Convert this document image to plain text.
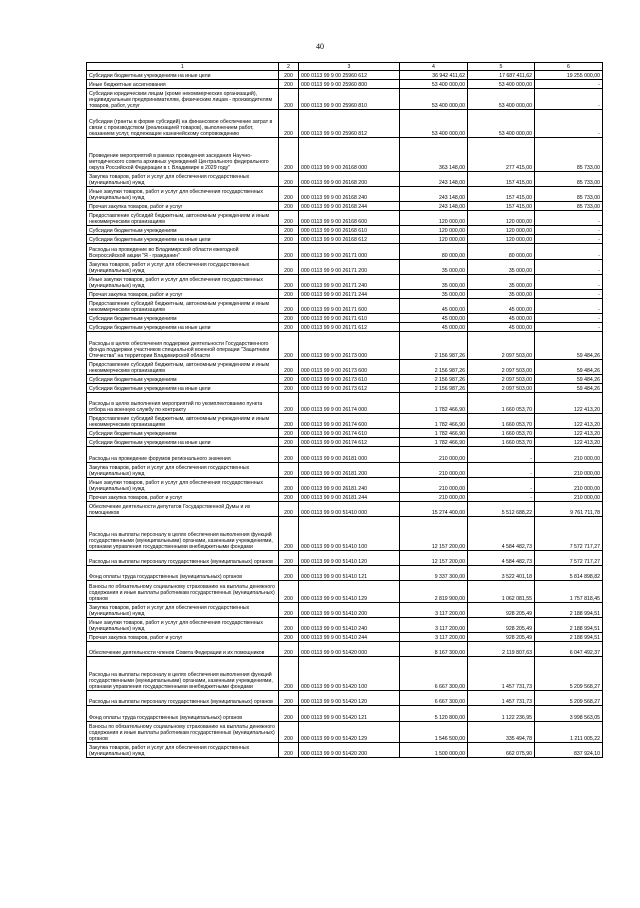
40
1	2	3	4	5	6
Субсидии бюджетным учреждениям на иные цели	200	000 0113 99 9 00 25960 612	36 942 411,62	17 687 411,62	19 255 000,00
Иные бюджетные ассигнования	200	000 0113 99 9 00 25960 800	53 400 000,00	53 400 000,00	-
Субсидии юридическим лицам (кроме некоммерческих организаций), индивидуальным предпринимателям, физическим лицам - производителям товаров, работ, услуг	200	000 0113 99 9 00 25960 810	53 400 000,00	53 400 000,00	-
Субсидии (гранты в форме субсидий) на финансовое обеспечение затрат в связи с производством (реализацией товаров), выполнением работ, оказанием услуг, подлежащие казначейскому сопровождению	200	000 0113 99 9 00 25960 812	53 400 000,00	53 400 000,00	-
Проведение мероприятий в рамках проведения заседания Научно-методического совета архивных учреждений Центрального федерального округа Российской Федерации в г. Владимире в 2029 году"	200	000 0113 99 9 00 26168 000	363 148,00	277 415,00	85 733,00
Закупка товаров, работ и услуг для обеспечения государственных (муниципальных) нужд	200	000 0113 99 9 00 26168 200	243 148,00	157 415,00	85 733,00
Иные закупки товаров, работ и услуг для обеспечения государственных (муниципальных) нужд	200	000 0113 99 9 00 26168 240	243 148,00	157 415,00	85 733,00
Прочая закупка товаров, работ и услуг	200	000 0113 99 9 00 26168 244	243 148,00	157 415,00	85 733,00
Предоставление субсидий бюджетным, автономным учреждениям и иным некоммерческим организациям	200	000 0113 99 9 00 26168 600	120 000,00	120 000,00	-
Субсидии бюджетным учреждениям	200	000 0113 99 9 00 26168 610	120 000,00	120 000,00	-
Субсидии бюджетным учреждениям на иные цели	200	000 0113 99 9 00 26168 612	120 000,00	120 000,00	-
Расходы на проведение во Владимирской области ежегодной Всероссийской акции "Я - гражданин"	200	000 0113 99 9 00 26171 000	80 000,00	80 000,00	-
Закупка товаров, работ и услуг для обеспечения государственных (муниципальных) нужд	200	000 0113 99 9 00 26171 200	35 000,00	35 000,00	-
Иные закупки товаров, работ и услуг для обеспечения государственных (муниципальных) нужд	200	000 0113 99 9 00 26171 240	35 000,00	35 000,00	-
Прочая закупка товаров, работ и услуг	200	000 0113 99 9 00 26171 244	35 000,00	35 000,00	-
Предоставление субсидий бюджетным, автономным учреждениям и иным некоммерческим организациям	200	000 0113 99 9 00 26171 600	45 000,00	45 000,00	-
Субсидии бюджетным учреждениям	200	000 0113 99 9 00 26171 610	45 000,00	45 000,00	-
Субсидии бюджетным учреждениям на иные цели	200	000 0113 99 9 00 26171 612	45 000,00	45 000,00	-
Расходы в целях обеспечения поддержки деятельности Государственного фонда поддержки участников специальной военной операции "Защитники Отечества" на территории Владимирской области	200	000 0113 99 9 00 26173 000	2 156 987,26	2 097 503,00	59 484,26
Предоставление субсидий бюджетным, автономным учреждениям и иным некоммерческим организациям	200	000 0113 99 9 00 26173 600	2 156 987,26	2 097 503,00	59 484,26
Субсидии бюджетным учреждениям	200	000 0113 99 9 00 26173 610	2 156 987,26	2 097 503,00	59 484,26
Субсидии бюджетным учреждениям на иные цели	200	000 0113 99 9 00 26173 612	2 156 987,26	2 097 503,00	59 484,26
Расходы в целях выполнения мероприятий по укомплектованию пункта отбора на военную службу по контракту	200	000 0113 99 9 00 26174 000	1 782 466,90	1 660 053,70	122 413,20
Предоставление субсидий бюджетным, автономным учреждениям и иным некоммерческим организациям	200	000 0113 99 9 00 26174 600	1 782 466,90	1 660 053,70	122 413,20
Субсидии бюджетным учреждениям	200	000 0113 99 9 00 26174 610	1 782 466,90	1 660 053,70	122 413,20
Субсидии бюджетным учреждениям на иные цели	200	000 0113 99 9 00 26174 612	1 782 466,90	1 660 053,70	122 413,20
Расходы на проведение форумов регионального значения	200	000 0113 99 9 00 26181 000	210 000,00	-	210 000,00
Закупка товаров, работ и услуг для обеспечения государственных (муниципальных) нужд	200	000 0113 99 9 00 26181 200	210 000,00	-	210 000,00
Иные закупки товаров, работ и услуг для обеспечения государственных (муниципальных) нужд	200	000 0113 99 9 00 26181 240	210 000,00	-	210 000,00
Прочая закупка товаров, работ и услуг	200	000 0113 99 9 00 26181 244	210 000,00	-	210 000,00
Обеспечение деятельности депутатов Государственной Думы и их помощников	200	000 0113 99 9 00 51410 000	15 274 400,00	5 512 688,22	9 761 711,78
Расходы на выплаты персоналу в целях обеспечения выполнения функций государственными (муниципальными) органами, казенными учреждениями, органами управления государственными внебюджетными фондами	200	000 0113 99 9 00 51410 100	12 157 200,00	4 584 482,73	7 572 717,27
Расходы на выплаты персоналу государственных (муниципальных) органов	200	000 0113 99 9 00 51410 120	12 157 200,00	4 584 482,73	7 572 717,27
Фонд оплаты труда государственных (муниципальных) органов	200	000 0113 99 9 00 51410 121	9 337 300,00	3 522 401,18	5 814 898,82
Взносы по обязательному социальному страхованию на выплаты денежного содержания и иные выплаты работникам государственных (муниципальных) органов	200	000 0113 99 9 00 51410 129	2 819 900,00	1 062 081,55	1 757 818,45
Закупка товаров, работ и услуг для обеспечения государственных (муниципальных) нужд	200	000 0113 99 9 00 51410 200	3 117 200,00	928 205,49	2 188 994,51
Иные закупки товаров, работ и услуг для обеспечения государственных (муниципальных) нужд	200	000 0113 99 9 00 51410 240	3 117 200,00	928 205,49	2 188 994,51
Прочая закупка товаров, работ и услуг	200	000 0113 99 9 00 51410 244	3 117 200,00	928 205,49	2 188 994,51
Обеспечение деятельности членов Совета Федерации и их помощников	200	000 0113 99 9 00 51420 000	8 167 300,00	2 119 807,63	6 047 492,37
Расходы на выплаты персоналу в целях обеспечения выполнения функций государственными (муниципальными) органами, казенными учреждениями, органами управления государственными внебюджетными фондами	200	000 0113 99 9 00 51420 100	6 667 300,00	1 457 731,73	5 209 568,27
Расходы на выплаты персоналу государственных (муниципальных) органов	200	000 0113 99 9 00 51420 120	6 667 300,00	1 457 731,73	5 209 568,27
Фонд оплаты труда государственных (муниципальных) органов	200	000 0113 99 9 00 51420 121	5 120 800,00	1 122 236,95	3 998 563,05
Взносы по обязательному социальному страхованию на выплаты денежного содержания и иные выплаты работникам государственных (муниципальных) органов	200	000 0113 99 9 00 51420 129	1 546 500,00	335 494,78	1 211 005,22
Закупка товаров, работ и услуг для обеспечения государственных (муниципальных) нужд	200	000 0113 99 9 00 51420 200	1 500 000,00	662 075,90	837 924,10
